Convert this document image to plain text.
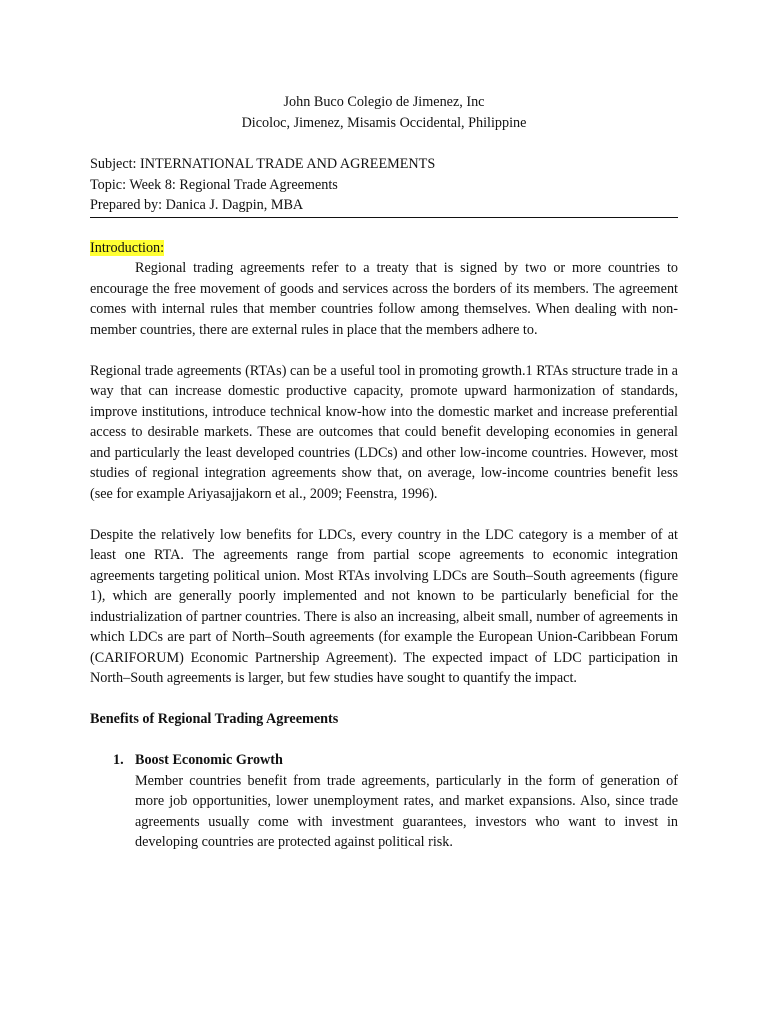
John Buco Colegio de Jimenez, Inc
Dicoloc, Jimenez, Misamis Occidental, Philippine
Subject: INTERNATIONAL TRADE AND AGREEMENTS
Topic: Week 8: Regional Trade Agreements
Prepared by: Danica J. Dagpin, MBA
Introduction:

Regional trading agreements refer to a treaty that is signed by two or more countries to encourage the free movement of goods and services across the borders of its members. The agreement comes with internal rules that member countries follow among themselves. When dealing with non-member countries, there are external rules in place that the members adhere to.

Regional trade agreements (RTAs) can be a useful tool in promoting growth.1 RTAs structure trade in a way that can increase domestic productive capacity, promote upward harmonization of standards, improve institutions, introduce technical know-how into the domestic market and increase preferential access to desirable markets. These are outcomes that could benefit developing economies in general and particularly the least developed countries (LDCs) and other low-income countries. However, most studies of regional integration agreements show that, on average, low-income countries benefit less (see for example Ariyasajjakorn et al., 2009; Feenstra, 1996).

Despite the relatively low benefits for LDCs, every country in the LDC category is a member of at least one RTA. The agreements range from partial scope agreements to economic integration agreements targeting political union. Most RTAs involving LDCs are South–South agreements (figure 1), which are generally poorly implemented and not known to be particularly beneficial for the industrialization of partner countries. There is also an increasing, albeit small, number of agreements in which LDCs are part of North–South agreements (for example the European Union-Caribbean Forum (CARIFORUM) Economic Partnership Agreement). The expected impact of LDC participation in North–South agreements is larger, but few studies have sought to quantify the impact.

Benefits of Regional Trading Agreements
1. Boost Economic Growth
Member countries benefit from trade agreements, particularly in the form of generation of more job opportunities, lower unemployment rates, and market expansions. Also, since trade agreements usually come with investment guarantees, investors who want to invest in developing countries are protected against political risk.
